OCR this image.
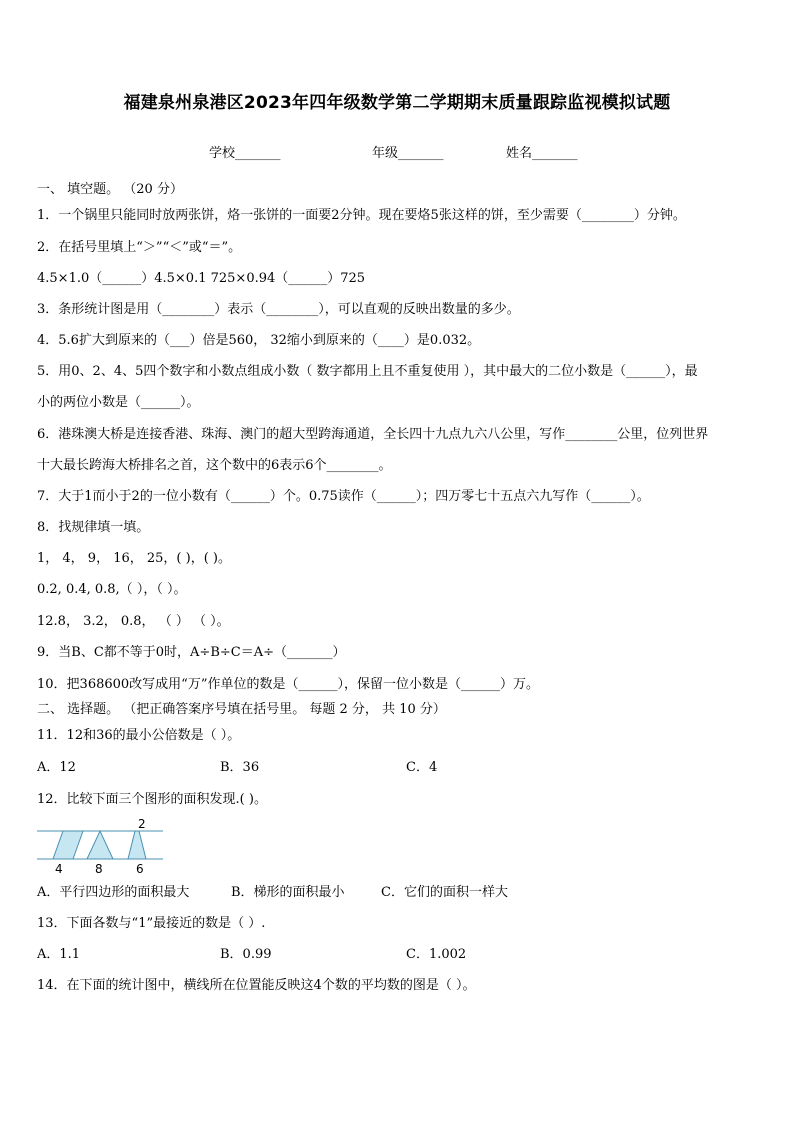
福建泉州泉港区2023年四年级数学第二学期期末质量跟踪监视模拟试题
学校_______	年级_______	姓名_______
一、 填空题。 （20 分）
1．一个锅里只能同时放两张饼，烙一张饼的一面要2分钟。现在要烙5张这样的饼，至少需要（________）分钟。
2．在括号里填上“＞”“＜”或“＝”。
4.5×1.0（______）4.5×0.1 725×0.94（______）725
3．条形统计图是用（________）表示（________），可以直观的反映出数量的多少。
4．5.6扩大到原来的（___）倍是560， 32缩小到原来的（____）是0.032。
5．用0、2、4、5四个数字和小数点组成小数（ 数字都用上且不重复使用 ），其中最大的二位小数是（______），最
小的两位小数是（______）。
6．港珠澳大桥是连接香港、珠海、澳门的超大型跨海通道，全长四十九点九六八公里，写作________公里，位列世界
十大最长跨海大桥排名之首，这个数中的6表示6个________。
7．大于1而小于2的一位小数有（______）个。0.75读作（______）；四万零七十五点六九写作（______）。
8．找规律填一填。
1， 4， 9， 16， 25，( )，( )。
0.2, 0.4, 0.8,（ ），（ ）。
12.8， 3.2， 0.8， （ ） （ ）。
9．当B、C都不等于0时，A÷B÷C＝A÷（_______）
10．把368600改写成用“万”作单位的数是（______），保留一位小数是（______）万。
二、 选择题。 （把正确答案序号填在括号里。 每题 2 分， 共 10 分）
11．12和36的最小公倍数是（ ）。
A．12	B．36	C．4
12．比较下面三个图形的面积发现.( )。
2
4	8	6
A．平行四边形的面积最大	B．梯形的面积最小	C．它们的面积一样大
13．下面各数与“1”最接近的数是（ ）.
A．1.1	B．0.99	C．1.002
14．在下面的统计图中，横线所在位置能反映这4个数的平均数的图是（ ）。
